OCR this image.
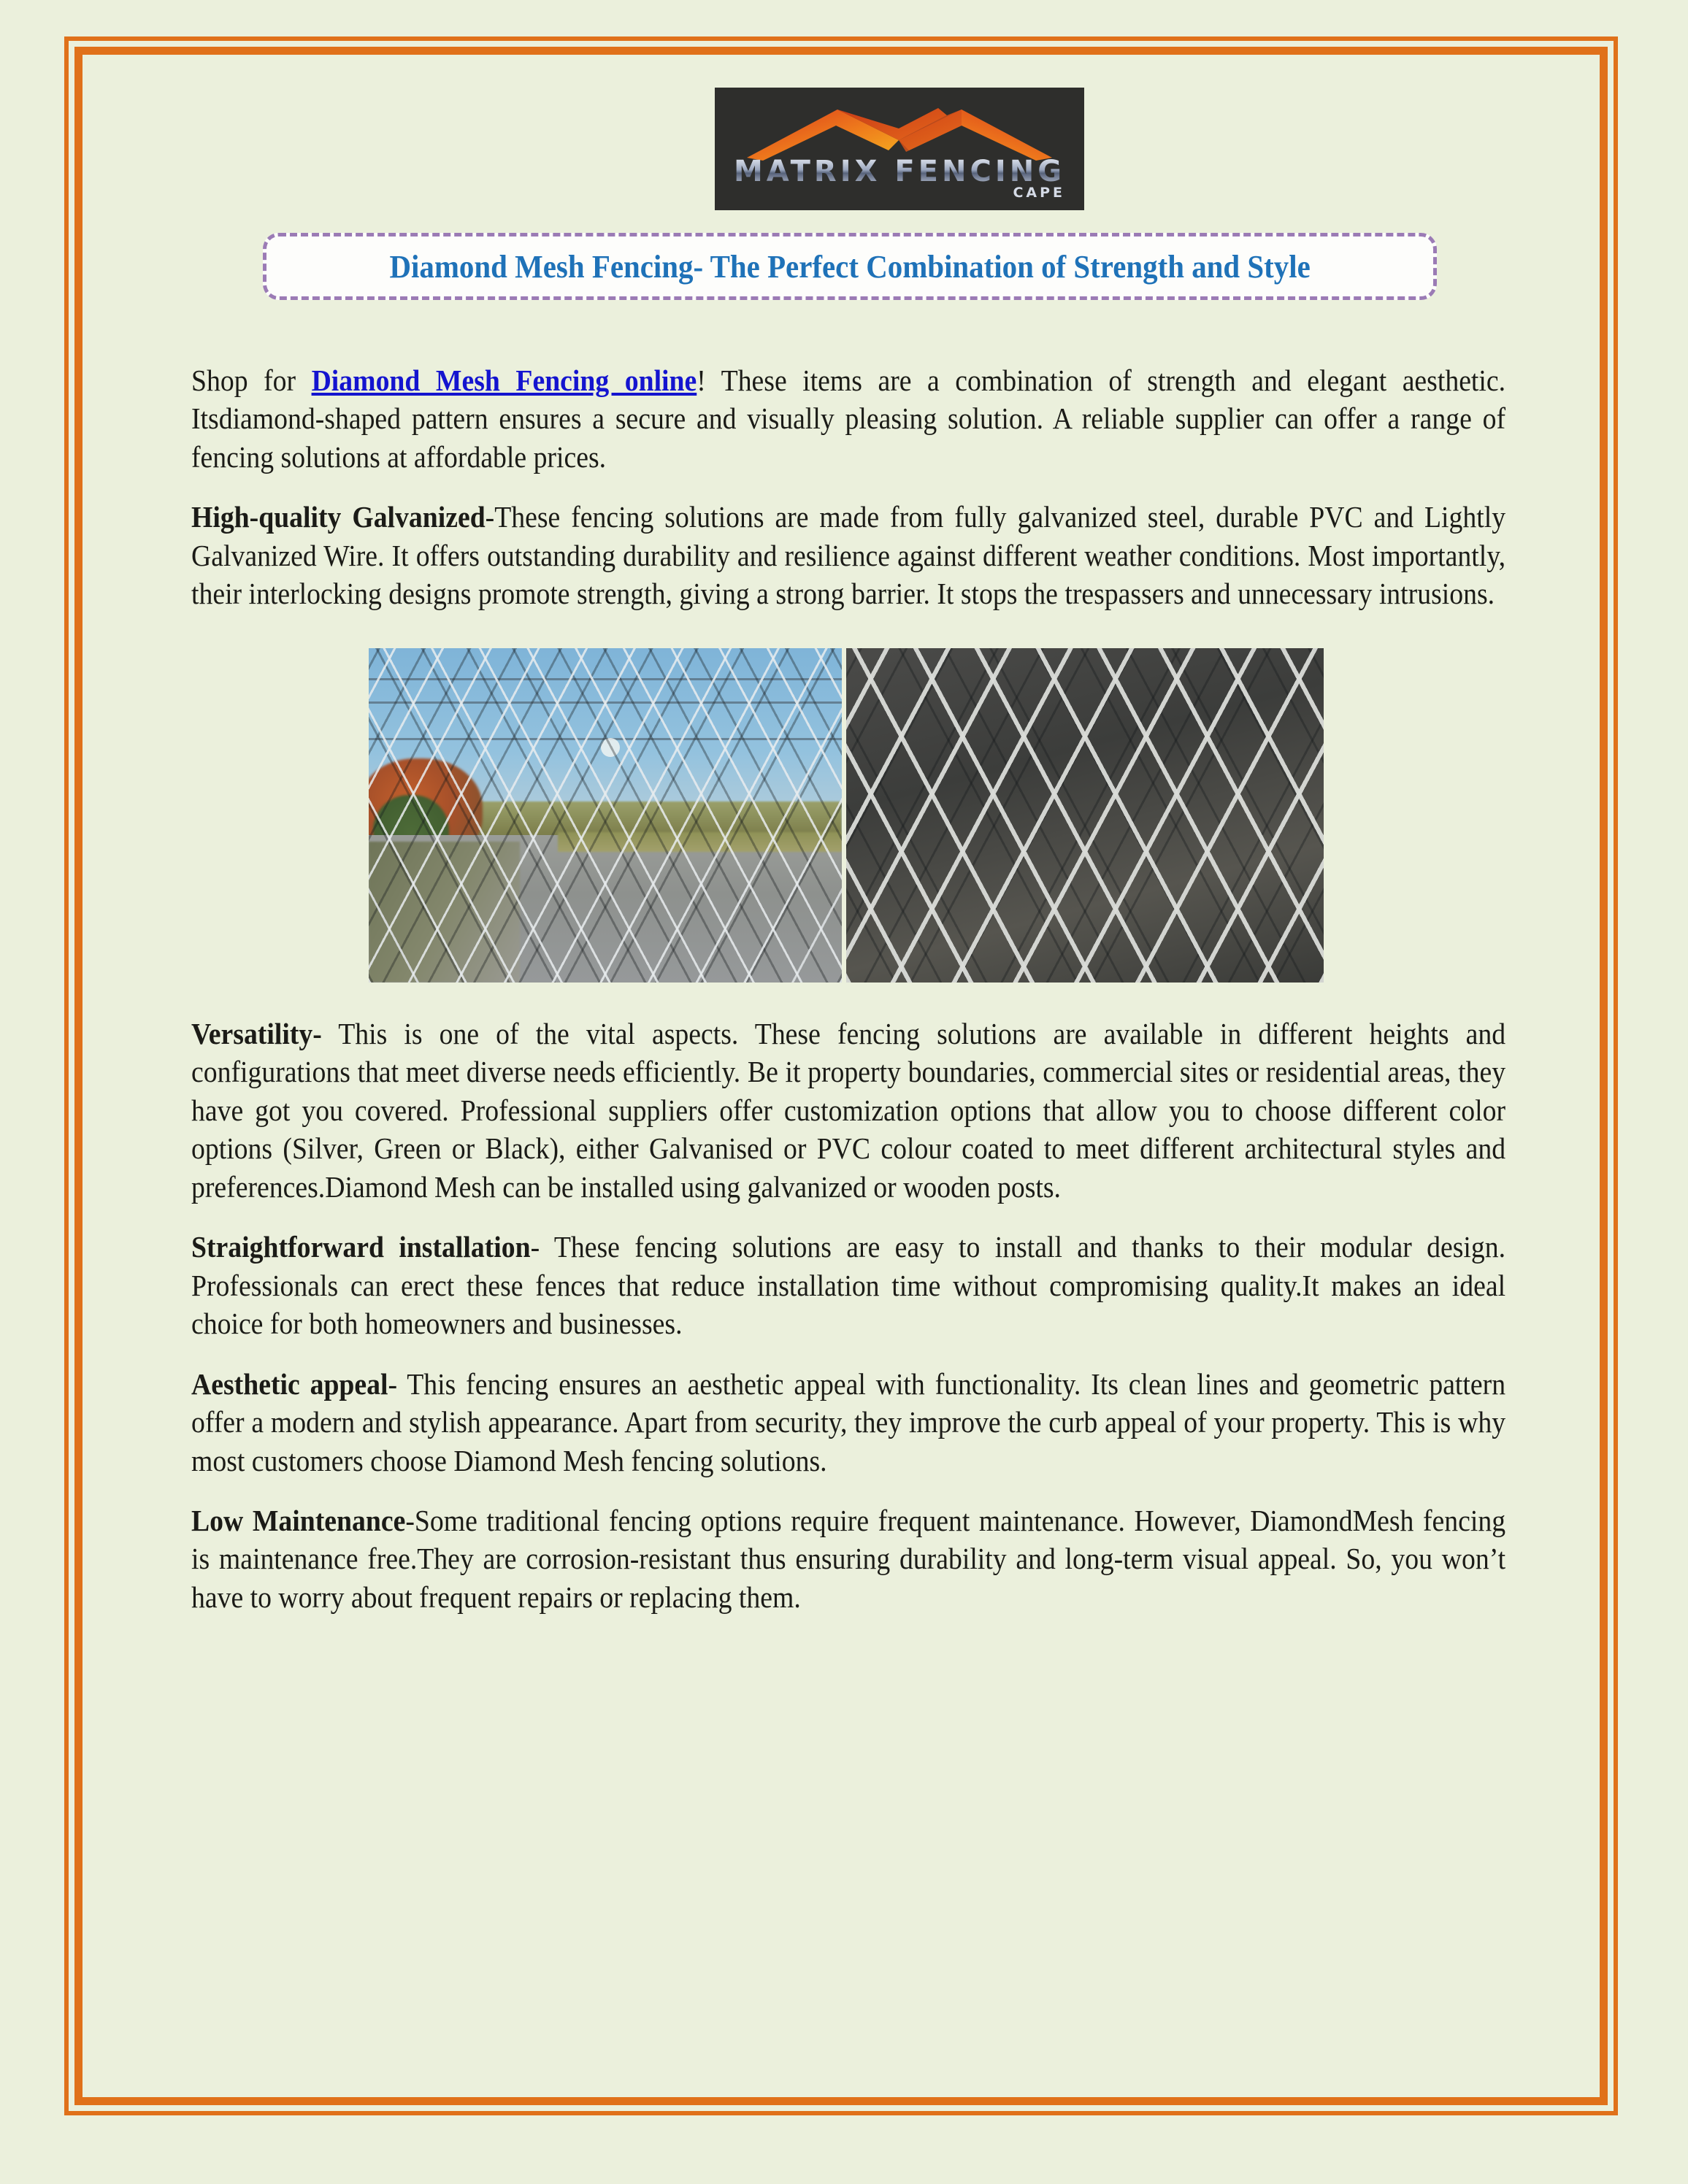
MATRIX FENCING
CAPE
Diamond Mesh Fencing- The Perfect Combination of Strength and Style

Shop for Diamond Mesh Fencing online! These items are a combination of strength and elegant aesthetic. Itsdiamond-shaped pattern ensures a secure and visually pleasing solution. A reliable supplier can offer a range of fencing solutions at affordable prices.

High-quality Galvanized-These fencing solutions are made from fully galvanized steel, durable PVC and Lightly Galvanized Wire. It offers outstanding durability and resilience against different weather conditions. Most importantly, their interlocking designs promote strength, giving a strong barrier. It stops the trespassers and unnecessary intrusions.

Versatility- This is one of the vital aspects. These fencing solutions are available in different heights and configurations that meet diverse needs efficiently. Be it property boundaries, commercial sites or residential areas, they have got you covered. Professional suppliers offer customization options that allow you to choose different color options (Silver, Green or Black), either Galvanised or PVC colour coated to meet different architectural styles and preferences.Diamond Mesh can be installed using galvanized or wooden posts.

Straightforward installation- These fencing solutions are easy to install and thanks to their modular design. Professionals can erect these fences that reduce installation time without compromising quality.It makes an ideal choice for both homeowners and businesses.

Aesthetic appeal- This fencing ensures an aesthetic appeal with functionality. Its clean lines and geometric pattern offer a modern and stylish appearance. Apart from security, they improve the curb appeal of your property. This is why most customers choose Diamond Mesh fencing solutions.

Low Maintenance-Some traditional fencing options require frequent maintenance. However, DiamondMesh fencing is maintenance free.They are corrosion-resistant thus ensuring durability and long-term visual appeal. So, you won’t have to worry about frequent repairs or replacing them.
